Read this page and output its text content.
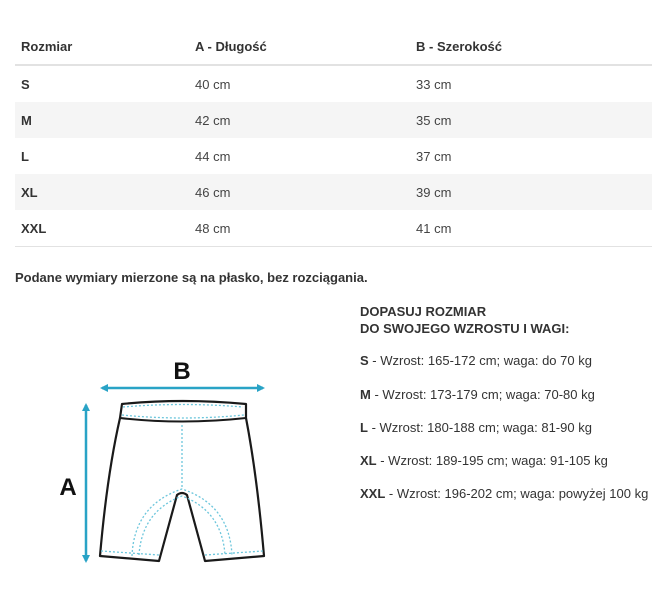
Rozmiar	A - Długość	B - Szerokość
S	40 cm	33 cm
M	42 cm	35 cm
L	44 cm	37 cm
XL	46 cm	39 cm
XXL	48 cm	41 cm
Podane wymiary mierzone są na płasko, bez rozciągania.
B
A
DOPASUJ ROZMIAR
DO SWOJEGO WZROSTU I WAGI:
S - Wzrost: 165-172 cm; waga: do 70 kg
M - Wzrost: 173-179 cm; waga: 70-80 kg
L - Wzrost: 180-188 cm; waga: 81-90 kg
XL - Wzrost: 189-195 cm; waga: 91-105 kg
XXL - Wzrost: 196-202 cm; waga: powyżej 100 kg
